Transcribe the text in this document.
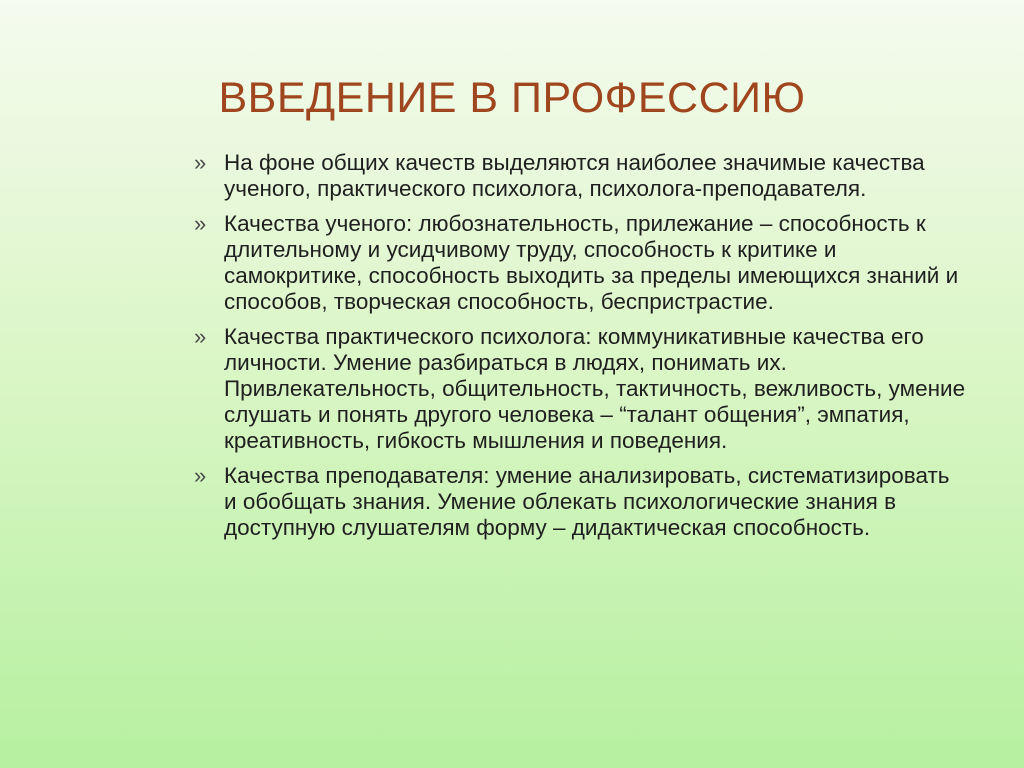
ВВЕДЕНИЕ В ПРОФЕССИЮ
» На фоне общих качеств выделяются наиболее значимые качества ученого, практического психолога, психолога-преподавателя.
» Качества ученого: любознательность, прилежание – способность к длительному и усидчивому труду, способность к критике и самокритике, способность выходить за пределы имеющихся знаний и способов, творческая способность, беспристрастие.
» Качества практического психолога: коммуникативные качества его личности. Умение разбираться в людях, понимать их. Привлекательность, общительность, тактичность, вежливость, умение слушать и понять другого человека – “талант общения”, эмпатия, креативность, гибкость мышления и поведения.
» Качества преподавателя: умение анализировать, систематизировать и обобщать знания. Умение облекать психологические знания в доступную слушателям форму – дидактическая способность.
